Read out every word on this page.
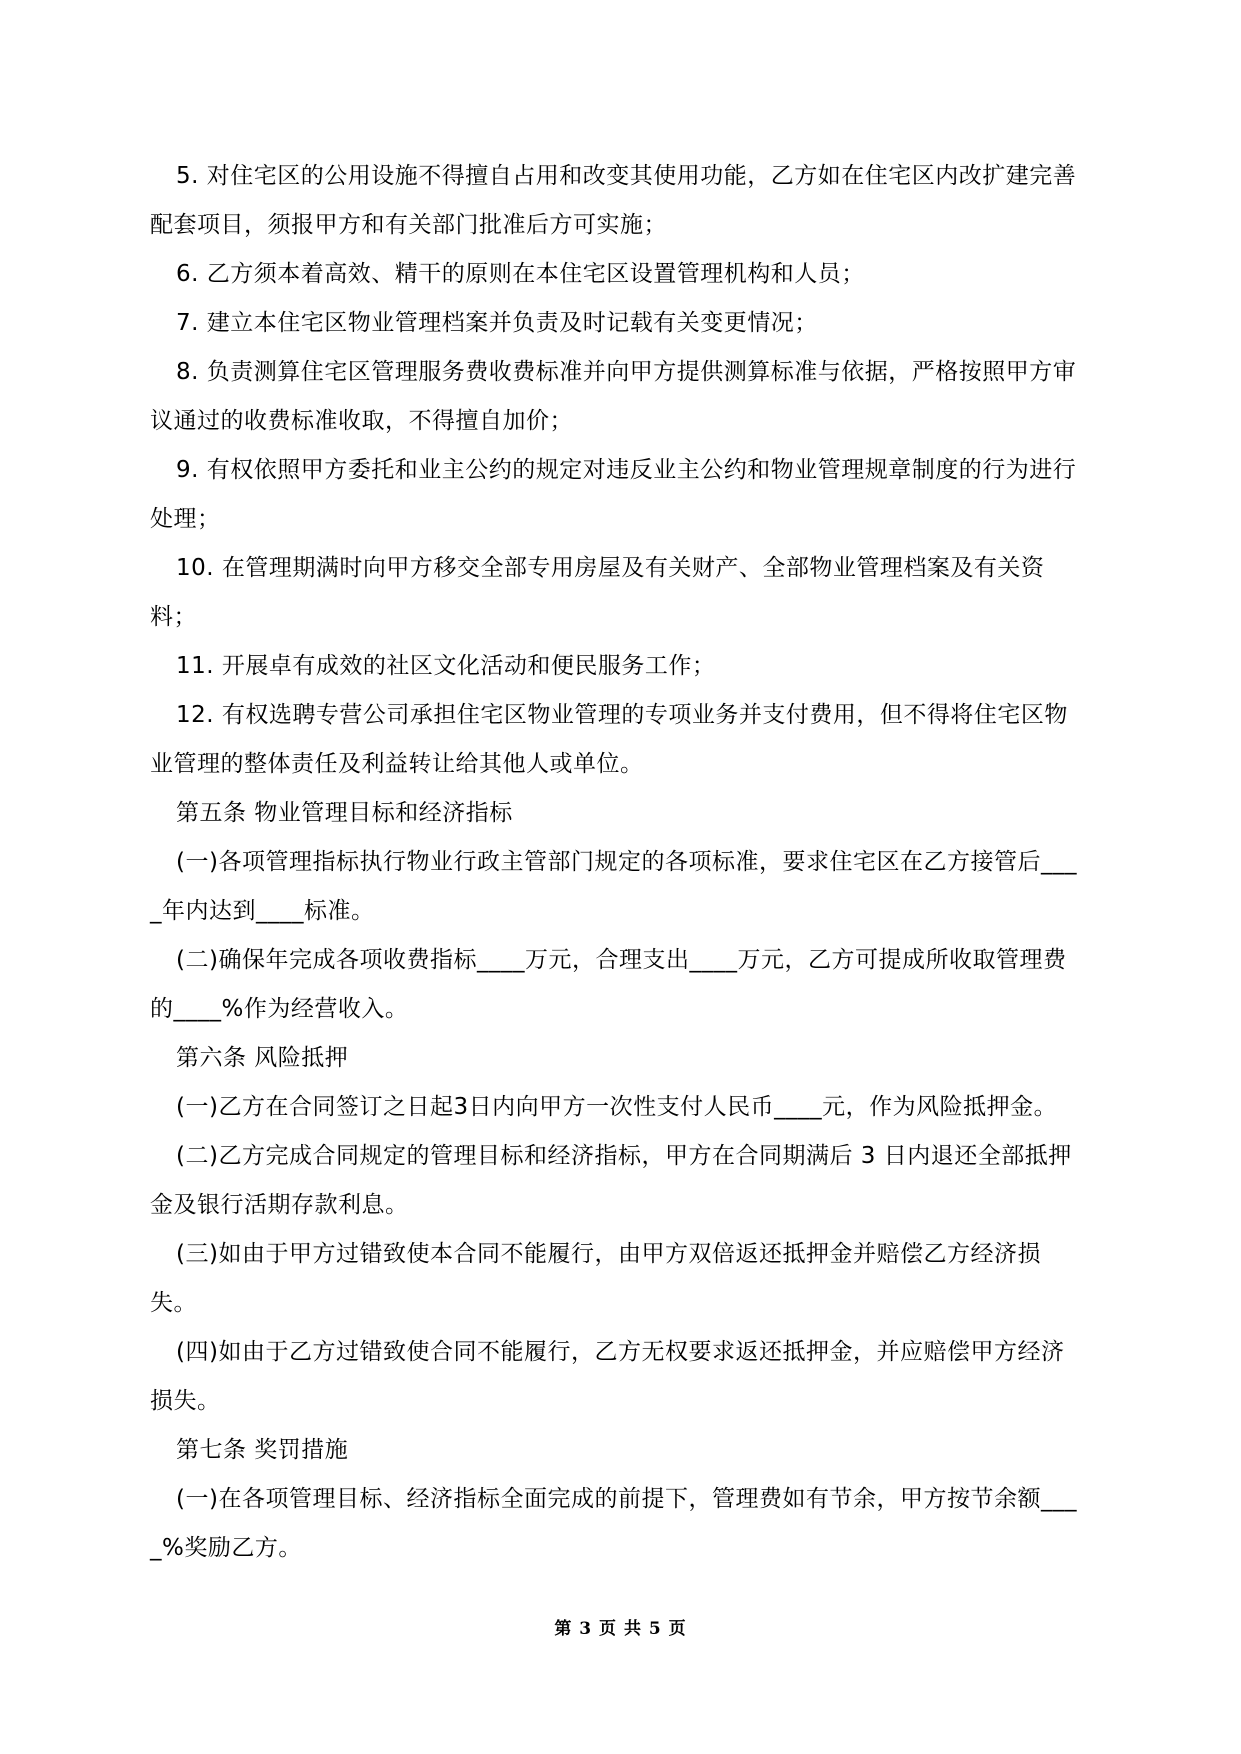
5. 对住宅区的公用设施不得擅自占用和改变其使用功能，乙方如在住宅区内改扩建完善配套项目，须报甲方和有关部门批准后方可实施；

6. 乙方须本着高效、精干的原则在本住宅区设置管理机构和人员；

7. 建立本住宅区物业管理档案并负责及时记载有关变更情况；

8. 负责测算住宅区管理服务费收费标准并向甲方提供测算标准与依据，严格按照甲方审议通过的收费标准收取，不得擅自加价；

9. 有权依照甲方委托和业主公约的规定对违反业主公约和物业管理规章制度的行为进行处理；

10. 在管理期满时向甲方移交全部专用房屋及有关财产、全部物业管理档案及有关资料；

11. 开展卓有成效的社区文化活动和便民服务工作；

12. 有权选聘专营公司承担住宅区物业管理的专项业务并支付费用，但不得将住宅区物业管理的整体责任及利益转让给其他人或单位。

第五条 物业管理目标和经济指标

(一)各项管理指标执行物业行政主管部门规定的各项标准，要求住宅区在乙方接管后____年内达到____标准。

(二)确保年完成各项收费指标____万元，合理支出____万元，乙方可提成所收取管理费的____%作为经营收入。

第六条 风险抵押

(一)乙方在合同签订之日起3日内向甲方一次性支付人民币____元，作为风险抵押金。

(二)乙方完成合同规定的管理目标和经济指标，甲方在合同期满后 3 日内退还全部抵押金及银行活期存款利息。

(三)如由于甲方过错致使本合同不能履行，由甲方双倍返还抵押金并赔偿乙方经济损失。

(四)如由于乙方过错致使合同不能履行，乙方无权要求返还抵押金，并应赔偿甲方经济损失。

第七条 奖罚措施

(一)在各项管理目标、经济指标全面完成的前提下，管理费如有节余，甲方按节余额____%奖励乙方。

第 3 页 共 5 页
